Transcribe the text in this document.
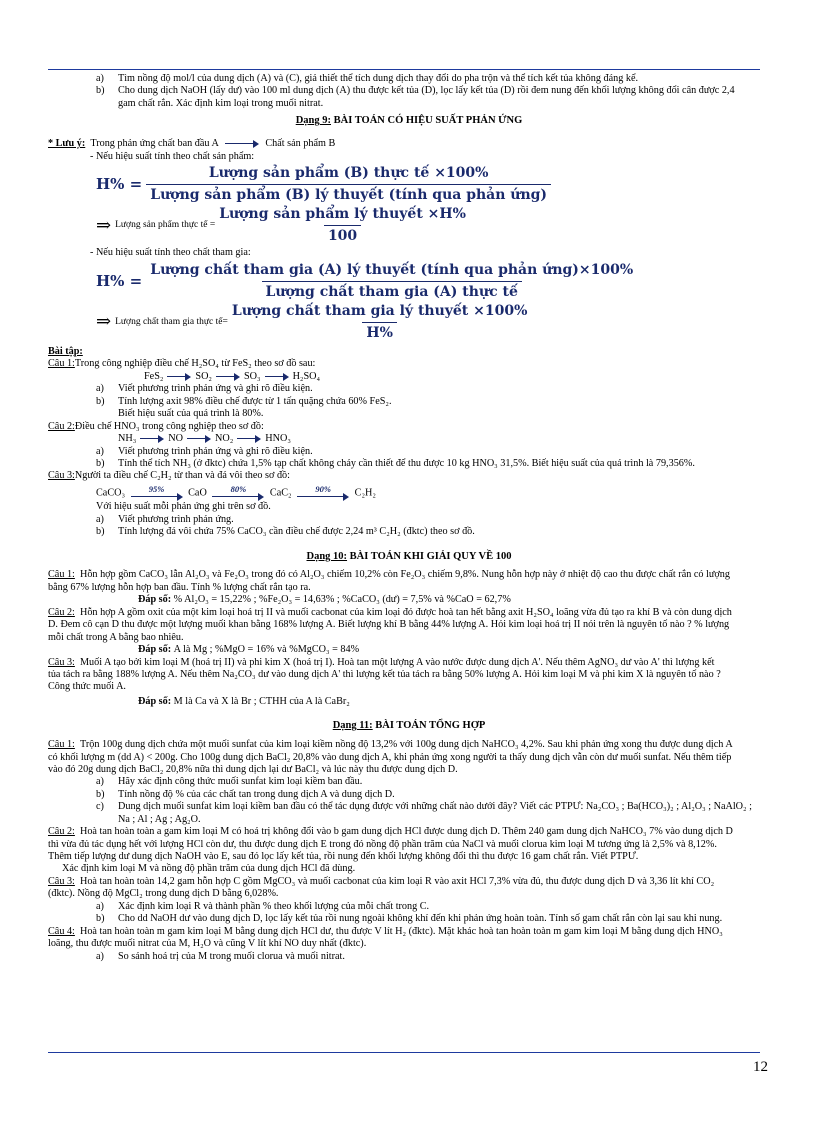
a) Tìm nồng độ mol/l của dung dịch (A) và (C), giả thiết thể tích dung dịch thay đổi do pha trộn và thể tích kết tủa không đáng kể.
b) Cho dung dịch NaOH (lấy dư) vào 100 ml dung dịch (A) thu được kết tủa (D), lọc lấy kết tủa (D) rồi đem nung đến khối lượng không đổi cân được 2,4
gam chất rắn. Xác định kim loại trong muối nitrat.
Dạng 9: BÀI TOÁN CÓ HIỆU SUẤT PHẢN ỨNG
* Lưu ý: Trong phản ứng chất ban đầu A	Chất sản phẩm B
- Nếu hiệu suất tính theo chất sản phẩm:
$H\% = \frac{\text{Lượng sản phẩm (B) thực tế ×100\%}}{\text{Lượng sản phẩm (B) lý thuyết (tính qua phản ứng)}}$
⇒ Lượng sản phẩm thực tế = $\frac{\text{Lượng sản phẩm lý thuyết ×H\%}}{100}$
- Nếu hiệu suất tính theo chất tham gia:
$H\% = \frac{\text{Lượng chất tham gia (A) lý thuyết (tính qua phản ứng)×100\%}}{\text{Lượng chất tham gia (A) thực tế}}$
⇒ Lượng chất tham gia thực tế= $\frac{\text{Lượng chất tham gia lý thuyết ×100\%}}{H\%}$
Bài tập:
Câu 1:Trong công nghiệp điều chế H₂SO₄ từ FeS₂ theo sơ đồ sau:
FeS₂	SO₂	SO₃	H₂SO₄
a) Viết phương trình phản ứng và ghi rõ điều kiện.
b) Tính lượng axit 98% điều chế được từ 1 tấn quặng chứa 60% FeS₂.
Biết hiệu suất của quá trình là 80%.
Câu 2:Điều chế HNO₃ trong công nghiệp theo sơ đồ:
NH₃	NO	NO₂	HNO₃
a) Viết phương trình phản ứng và ghi rõ điều kiện.
b) Tính thể tích NH₃ (ở đktc) chứa 1,5% tạp chất không cháy cần thiết để thu được 10 kg HNO₃ 31,5%. Biết hiệu suất của quá trình là 79,356%.
Câu 3:Người ta điều chế C₂H₂ từ than và đá vôi theo sơ đồ:
CaCO₃	95% CaO	80% CaC₂	90% C₂H₂
Với hiệu suất mỗi phản ứng ghi trên sơ đồ.
a) Viết phương trình phản ứng.
b) Tính lượng đá vôi chứa 75% CaCO₃ cần điều chế được 2,24 m³ C₂H₂ (đktc) theo sơ đồ.
Dạng 10: BÀI TOÁN KHI GIẢI QUY VỀ 100
Câu 1: Hỗn hợp gồm CaCO₃ lẫn Al₂O₃ và Fe₂O₃ trong đó có Al₂O₃ chiếm 10,2% còn Fe₂O₃ chiếm 9,8%. Nung hỗn hợp này ở nhiệt độ cao thu được chất rắn có lượng
bằng 67% lượng hỗn hợp ban đầu. Tính % lượng chất rắn tạo ra.
Đáp số: % Al₂O₃ = 15,22% ; %Fe₂O₃ = 14,63% ; %CaCO₃ (dư) = 7,5% và %CaO = 62,7%
Câu 2: Hỗn hợp A gồm oxit của một kim loại hoá trị II và muối cacbonat của kim loại đó được hoà tan hết bằng axit H₂SO₄ loãng vừa đủ tạo ra khí B và còn dung dịch
D. Đem cô cạn D thu được một lượng muối khan bằng 168% lượng A. Biết lượng khí B bằng 44% lượng A. Hỏi kim loại hoá trị II nói trên là nguyên tố nào ? % lượng
mỗi chất trong A bằng bao nhiêu.
Đáp số: A là Mg ; %MgO = 16% và %MgCO₃ = 84%
Câu 3: Muối A tạo bởi kim loại M (hoá trị II) và phi kim X (hoá trị I). Hoà tan một lượng A vào nước được dung dịch A'. Nếu thêm AgNO₃ dư vào A' thì lượng kết
tủa tách ra bằng 188% lượng A. Nếu thêm Na₂CO₃ dư vào dung dịch A' thì lượng kết tủa tách ra bằng 50% lượng A. Hỏi kim loại M và phi kim X là nguyên tố nào ?
Công thức muối A.
Đáp số: M là Ca và X là Br ; CTHH của A là CaBr₂
Dạng 11: BÀI TOÁN TỔNG HỢP
Câu 1: Trộn 100g dung dịch chứa một muối sunfat của kim loại kiềm nồng độ 13,2% với 100g dung dịch NaHCO₃ 4,2%. Sau khi phản ứng xong thu được dung dịch A
có khối lượng m (dd A) < 200g. Cho 100g dung dịch BaCl₂ 20,8% vào dung dịch A, khi phản ứng xong người ta thấy dung dịch vẫn còn dư muối sunfat. Nếu thêm tiếp
vào đó 20g dung dịch BaCl₂ 20,8% nữa thì dung dịch lại dư BaCl₂ và lúc này thu được dung dịch D.
a) Hãy xác định công thức muối sunfat kim loại kiềm ban đầu.
b) Tính nồng độ % của các chất tan trong dung dịch A và dung dịch D.
c) Dung dịch muối sunfat kim loại kiềm ban đầu có thể tác dụng được với những chất nào dưới đây? Viết các PTPƯ: Na₂CO₃ ; Ba(HCO₃)₂ ; Al₂O₃ ; NaAlO₂ ;
Na ; Al ; Ag ; Ag₂O.
Câu 2: Hoà tan hoàn toàn a gam kim loại M có hoá trị không đổi vào b gam dung dịch HCl được dung dịch D. Thêm 240 gam dung dịch NaHCO₃ 7% vào dung dịch D
thì vừa đủ tác dụng hết với lượng HCl còn dư, thu được dung dịch E trong đó nồng độ phần trăm của NaCl và muối clorua kim loại M tương ứng là 2,5% và 8,12%.
Thêm tiếp lượng dư dung dịch NaOH vào E, sau đó lọc lấy kết tủa, rồi nung đến khối lượng không đổi thì thu được 16 gam chất rắn. Viết PTPƯ.
Xác định kim loại M và nồng độ phần trăm của dung dịch HCl đã dùng.
Câu 3: Hoà tan hoàn toàn 14,2 gam hỗn hợp C gồm MgCO₃ và muối cacbonat của kim loại R vào axit HCl 7,3% vừa đủ, thu được dung dịch D và 3,36 lít khí CO₂
(đktc). Nồng độ MgCl₂ trong dung dịch D bằng 6,028%.
a) Xác định kim loại R và thành phần % theo khối lượng của mỗi chất trong C.
b) Cho dd NaOH dư vào dung dịch D, lọc lấy kết tủa rồi nung ngoài không khí đến khi phản ứng hoàn toàn. Tính số gam chất rắn còn lại sau khi nung.
Câu 4: Hoà tan hoàn toàn m gam kim loại M bằng dung dịch HCl dư, thu được V lít H₂ (đktc). Mặt khác hoà tan hoàn toàn m gam kim loại M bằng dung dịch HNO₃
loãng, thu được muối nitrat của M, H₂O và cũng V lít khí NO duy nhất (đktc).
a) So sánh hoá trị của M trong muối clorua và muối nitrat.
12
